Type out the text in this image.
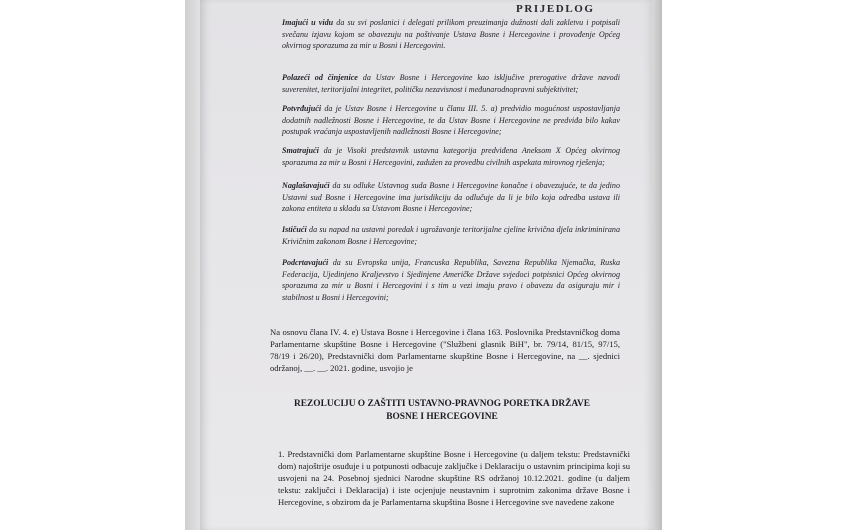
PRIJEDLOG

Imajući u vidu da su svi poslanici i delegati prilikom preuzimanja dužnosti dali zakletvu i potpisali svečanu izjavu kojom se obavezuju na poštivanje Ustava Bosne i Hercegovine i provođenje Općeg okvirnog sporazuma za mir u Bosni i Hercegovini.

Polazeći od činjenice da Ustav Bosne i Hercegovine kao isključive prerogative države navodi suverenitet, teritorijalni integritet, političku nezavisnost i međunarodnopravni subjektivitet;

Potvrđujući da je Ustav Bosne i Hercegovine u članu III. 5. a) predvidio mogućnost uspostavljanja dodatnih nadležnosti Bosne i Hercegovine, te da Ustav Bosne i Hercegovine ne predviđa bilo kakav postupak vraćanja uspostavljenih nadležnosti Bosne i Hercegovine;

Smatrajući da je Visoki predstavnik ustavna kategorija predviđena Aneksom X Općeg okvirnog sporazuma za mir u Bosni i Hercegovini, zadužen za provedbu civilnih aspekata mirovnog rješenja;

Naglašavajući da su odluke Ustavnog suda Bosne i Hercegovine konačne i obavezujuće, te da jedino Ustavni sud Bosne i Hercegovine ima jurisdikciju da odlučuje da li je bilo koja odredba ustava ili zakona entiteta u skladu sa Ustavom Bosne i Hercegovine;

Ističući da su napad na ustavni poredak i ugrožavanje teritorijalne cjeline krivična djela inkriminirana Krivičnim zakonom Bosne i Hercegovine;

Podcrtavajući da su Evropska unija, Francuska Republika, Savezna Republika Njemačka, Ruska Federacija, Ujedinjeno Kraljevstvo i Sjedinjene Američke Države svjedoci potpisnici Općeg okvirnog sporazuma za mir u Bosni i Hercegovini i s tim u vezi imaju pravo i obavezu da osiguraju mir i stabilnost u Bosni i Hercegovini;

Na osnovu člana IV. 4. e) Ustava Bosne i Hercegovine i člana 163. Poslovnika Predstavničkog doma Parlamentarne skupštine Bosne i Hercegovine ("Službeni glasnik BiH", br. 79/14, 81/15, 97/15, 78/19 i 26/20), Predstavnički dom Parlamentarne skupštine Bosne i Hercegovine, na __. sjednici održanoj, __. __. 2021. godine, usvojio je

REZOLUCIJU O ZAŠTITI USTAVNO-PRAVNOG PORETKA DRŽAVE BOSNE I HERCEGOVINE

1. Predstavnički dom Parlamentarne skupštine Bosne i Hercegovine (u daljem tekstu: Predstavnički dom) najoštrije osuđuje i u potpunosti odbacuje zaključke i Deklaraciju o ustavnim principima koji su usvojeni na 24. Posebnoj sjednici Narodne skupštine RS održanoj 10.12.2021. godine (u daljem tekstu: zaključci i Deklaracija) i iste ocjenjuje neustavnim i suprotnim zakonima države Bosne i Hercegovine, s obzirom da je Parlamentarna skupština Bosne i Hercegovine sve navedene zakone
